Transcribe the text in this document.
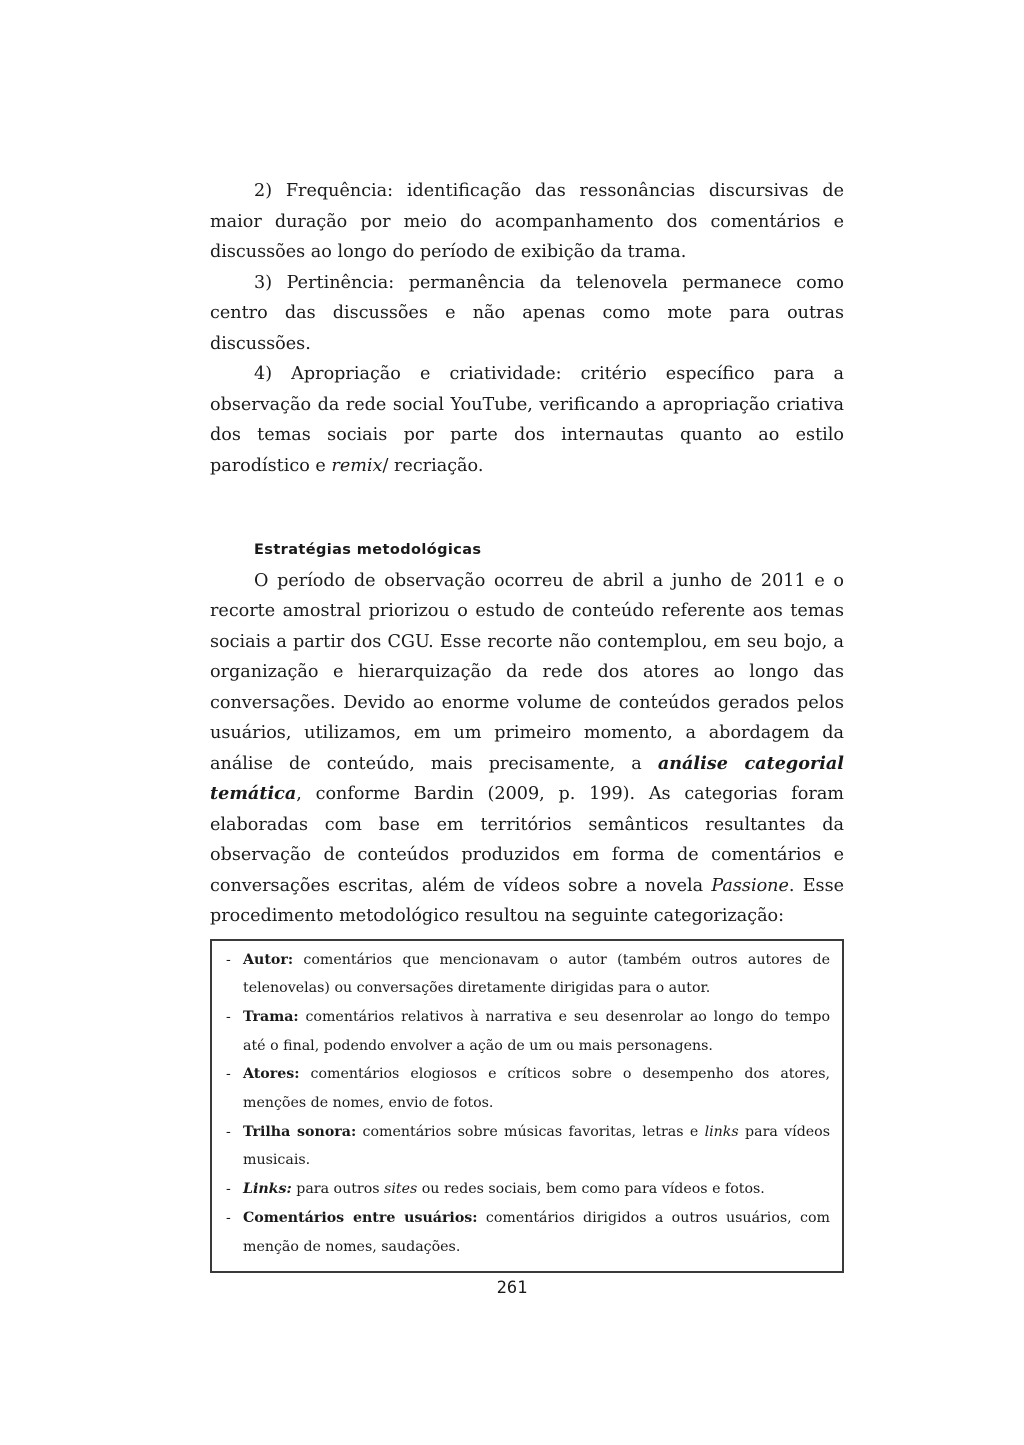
2) Frequência: identificação das ressonâncias discursivas de maior duração por meio do acompanhamento dos comentários e discussões ao longo do período de exibição da trama.

3) Pertinência: permanência da telenovela permanece como centro das discussões e não apenas como mote para outras discussões.

4) Apropriação e criatividade: critério específico para a observação da rede social YouTube, verificando a apropriação criativa dos temas sociais por parte dos internautas quanto ao estilo parodístico e remix/ recriação.

Estratégias metodológicas

O período de observação ocorreu de abril a junho de 2011 e o recorte amostral priorizou o estudo de conteúdo referente aos temas sociais a partir dos CGU. Esse recorte não contemplou, em seu bojo, a organização e hierarquização da rede dos atores ao longo das conversações. Devido ao enorme volume de conteúdos gerados pelos usuários, utilizamos, em um primeiro momento, a abordagem da análise de conteúdo, mais precisamente, a análise categorial temática, conforme Bardin (2009, p. 199). As categorias foram elaboradas com base em territórios semânticos resultantes da observação de conteúdos produzidos em forma de comentários e conversações escritas, além de vídeos sobre a novela Passione. Esse procedimento metodológico resultou na seguinte categorização:

- Autor: comentários que mencionavam o autor (também outros autores de telenovelas) ou conversações diretamente dirigidas para o autor.
- Trama: comentários relativos à narrativa e seu desenrolar ao longo do tempo até o final, podendo envolver a ação de um ou mais personagens.
- Atores: comentários elogiosos e críticos sobre o desempenho dos atores, menções de nomes, envio de fotos.
- Trilha sonora: comentários sobre músicas favoritas, letras e links para vídeos musicais.
- Links: para outros sites ou redes sociais, bem como para vídeos e fotos.
- Comentários entre usuários: comentários dirigidos a outros usuários, com menção de nomes, saudações.
261
